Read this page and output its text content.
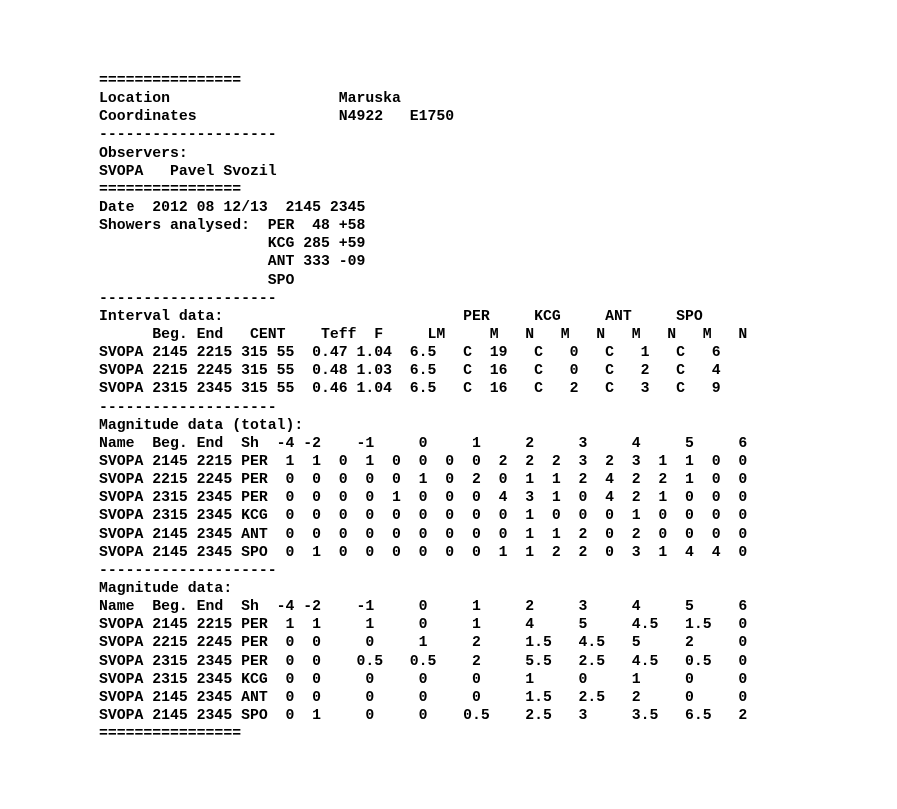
================
Location                   Maruska
Coordinates                N4922   E1750
--------------------
Observers:
SVOPA   Pavel Svozil
================
Date  2012 08 12/13  2145 2345
Showers analysed:  PER  48 +58
KCG 285 +59
ANT 333 -09
SPO
--------------------
Interval data:                           PER     KCG     ANT     SPO
Beg. End   CENT    Teff  F     LM     M   N   M   N   M   N   M   N
SVOPA 2145 2215 315 55  0.47 1.04  6.5   C  19   C   0   C   1   C   6
SVOPA 2215 2245 315 55  0.48 1.03  6.5   C  16   C   0   C   2   C   4
SVOPA 2315 2345 315 55  0.46 1.04  6.5   C  16   C   2   C   3   C   9
--------------------
Magnitude data (total):
Name  Beg. End  Sh  -4 -2    -1     0     1     2     3     4     5     6
SVOPA 2145 2215 PER  1  1  0  1  0  0  0  0  2  2  2  3  2  3  1  1  0  0
SVOPA 2215 2245 PER  0  0  0  0  0  1  0  2  0  1  1  2  4  2  2  1  0  0
SVOPA 2315 2345 PER  0  0  0  0  1  0  0  0  4  3  1  0  4  2  1  0  0  0
SVOPA 2315 2345 KCG  0  0  0  0  0  0  0  0  0  1  0  0  0  1  0  0  0  0
SVOPA 2145 2345 ANT  0  0  0  0  0  0  0  0  0  1  1  2  0  2  0  0  0  0
SVOPA 2145 2345 SPO  0  1  0  0  0  0  0  0  1  1  2  2  0  3  1  4  4  0
--------------------
Magnitude data:
Name  Beg. End  Sh  -4 -2    -1     0     1     2     3     4     5     6
SVOPA 2145 2215 PER  1  1     1     0     1     4     5     4.5   1.5   0
SVOPA 2215 2245 PER  0  0     0     1     2     1.5   4.5   5     2     0
SVOPA 2315 2345 PER  0  0    0.5   0.5    2     5.5   2.5   4.5   0.5   0
SVOPA 2315 2345 KCG  0  0     0     0     0     1     0     1     0     0
SVOPA 2145 2345 ANT  0  0     0     0     0     1.5   2.5   2     0     0
SVOPA 2145 2345 SPO  0  1     0     0    0.5    2.5   3     3.5   6.5   2
================
